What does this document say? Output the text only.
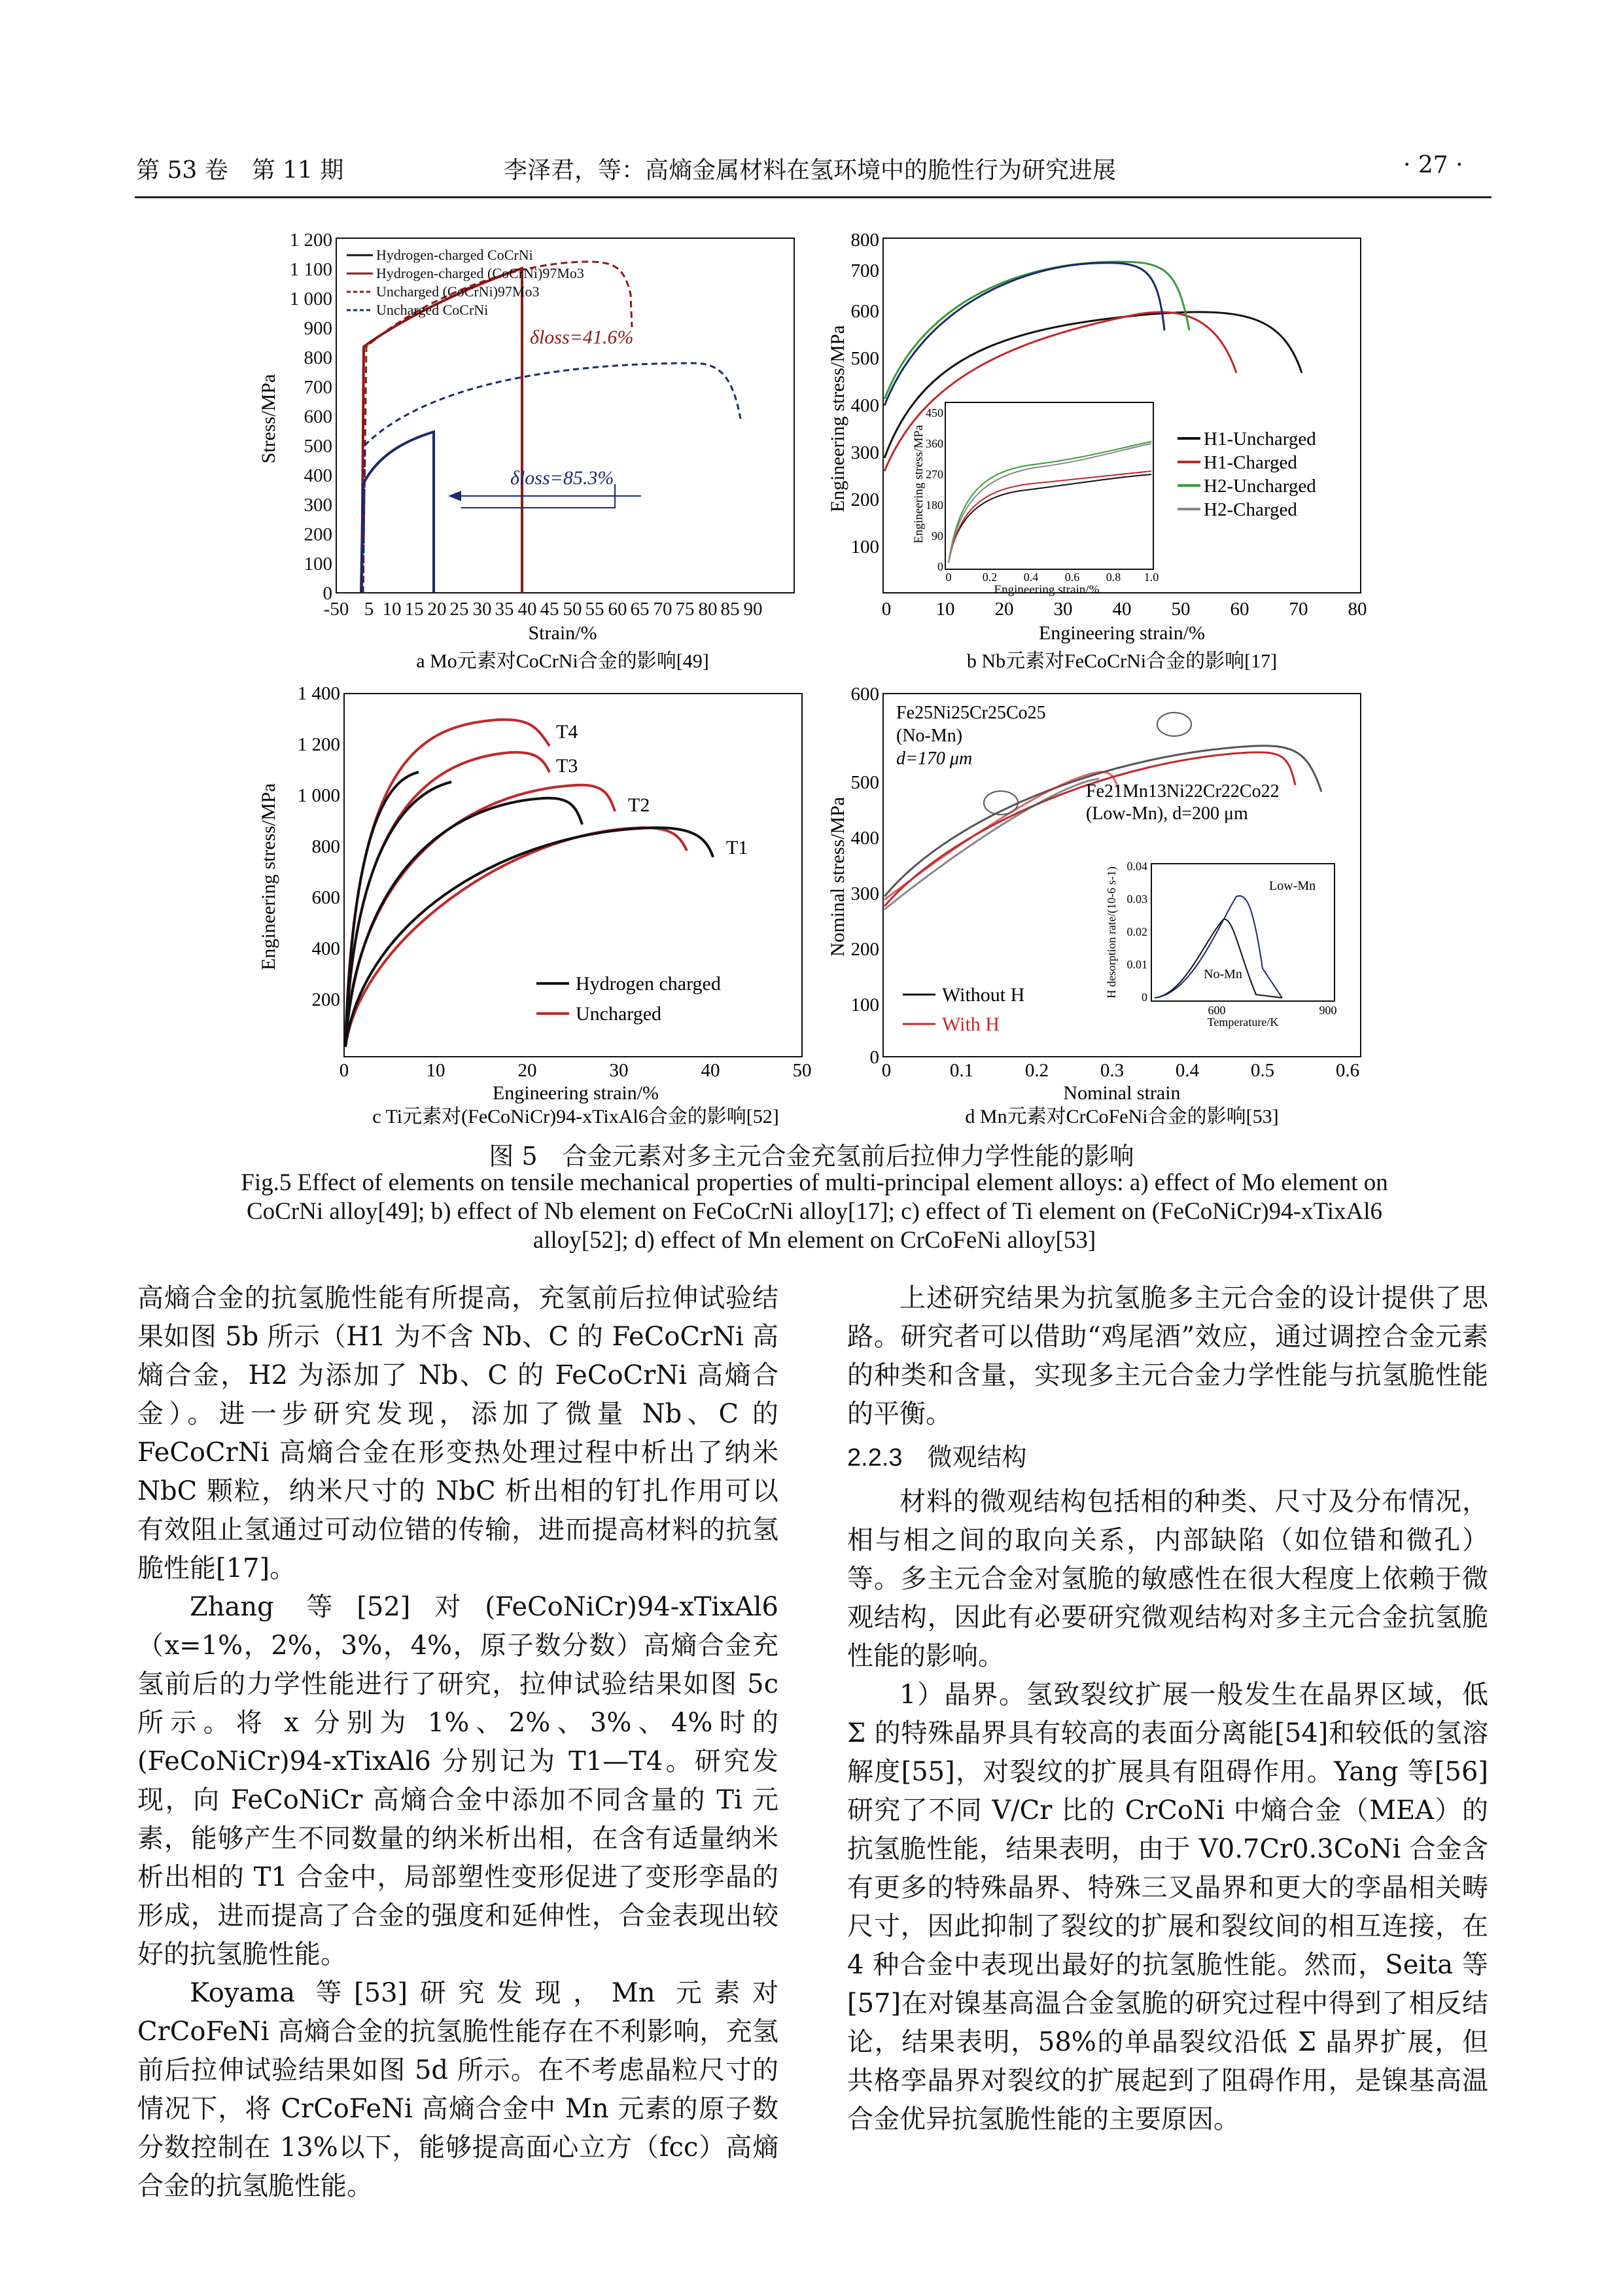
第 53 卷　第 11 期	李泽君，等：高熵金属材料在氢环境中的脆性行为研究进展	· 27 ·
0
100
200
300
400
500
600
700
800
900
1 000
1 100
1 200
-50 5 10 15 20 25 30 35 40 45 50 55 60 65 70 75 80 85 90
Strain/%
Stress/MPa
δloss=85.3%
δloss=41.6%
Hydrogen-charged CoCrNi
Hydrogen-charged (CoCrNi)97Mo3
Uncharged (CoCrNi)97Mo3
Uncharged CoCrNi
a Mo元素对CoCrNi合金的影响[49]
100
200
300
400
500
600
700
800
0 10 20 30 40 50 60 70 80
Engineering strain/%
Engineering stress/MPa
0	0.2 0.4 0.6 0.8 1.0
0
90
180
270
360
450
Engineering strain/%
Engineering stress/MPa	H1-Uncharged
H1-Charged
H2-Uncharged
H2-Charged
b Nb元素对FeCoCrNi合金的影响[17]
200
400
600
800
1 000
1 200
1 400
0	10	20	30	40	50
Engineering strain/%
Engineering stress/MPa
T4
T3
T2
T1
Hydrogen charged
Uncharged
c Ti元素对(FeCoNiCr)94-xTixAl6合金的影响[52]
0
100
200
300
400
500
600
0	0.1	0.2	0.3	0.4	0.5	0.6
Nominal strain
Nominal stress/MPa
Fe25Ni25Cr25Co25
(No-Mn)
d=170 μm
Fe21Mn13Ni22Cr22Co22
(Low-Mn), d=200 μm
0
0.01
0.02
0.03
0.04
600	900
Temperature/K
H desorption rate/(10-6 s-1)	Low-Mn
No-Mn
Without H
With H
d Mn元素对CrCoFeNi合金的影响[53]
图 5　合金元素对多主元合金充氢前后拉伸力学性能的影响
Fig.5 Effect of elements on tensile mechanical properties of multi-principal element alloys: a) effect of Mo element on CoCrNi alloy[49]; b) effect of Nb element on FeCoCrNi alloy[17]; c) effect of Ti element on (FeCoNiCr)94-xTixAl6 alloy[52]; d) effect of Mn element on CrCoFeNi alloy[53]

高熵合金的抗氢脆性能有所提高，充氢前后拉伸试验结果如图 5b 所示（H1 为不含 Nb、C 的 FeCoCrNi 高熵合金，H2 为添加了 Nb、C 的 FeCoCrNi 高熵合金）。进一步研究发现，添加了微量 Nb、C 的 FeCoCrNi 高熵合金在形变热处理过程中析出了纳米 NbC 颗粒，纳米尺寸的 NbC 析出相的钉扎作用可以有效阻止氢通过可动位错的传输，进而提高材料的抗氢脆性能[17]。

Zhang 等[52]对(FeCoNiCr)94-xTixAl6（x=1%，2%，3%，4%，原子数分数）高熵合金充氢前后的力学性能进行了研究，拉伸试验结果如图 5c 所示。将 x 分别为 1%、2%、3%、4%时的(FeCoNiCr)94-xTixAl6 分别记为 T1—T4。研究发现，向 FeCoNiCr 高熵合金中添加不同含量的 Ti 元素，能够产生不同数量的纳米析出相，在含有适量纳米析出相的 T1 合金中，局部塑性变形促进了变形孪晶的形成，进而提高了合金的强度和延伸性，合金表现出较好的抗氢脆性能。

Koyama 等[53]研究发现，Mn 元素对 CrCoFeNi 高熵合金的抗氢脆性能存在不利影响，充氢前后拉伸试验结果如图 5d 所示。在不考虑晶粒尺寸的情况下，将 CrCoFeNi 高熵合金中 Mn 元素的原子数分数控制在 13%以下，能够提高面心立方（fcc）高熵合金的抗氢脆性能。

上述研究结果为抗氢脆多主元合金的设计提供了思路。研究者可以借助“鸡尾酒”效应，通过调控合金元素的种类和含量，实现多主元合金力学性能与抗氢脆性能的平衡。

2.2.3　微观结构

材料的微观结构包括相的种类、尺寸及分布情况，相与相之间的取向关系，内部缺陷（如位错和微孔）等。多主元合金对氢脆的敏感性在很大程度上依赖于微观结构，因此有必要研究微观结构对多主元合金抗氢脆性能的影响。

1）晶界。氢致裂纹扩展一般发生在晶界区域，低 Σ 的特殊晶界具有较高的表面分离能[54]和较低的氢溶解度[55]，对裂纹的扩展具有阻碍作用。Yang 等[56]研究了不同 V/Cr 比的 CrCoNi 中熵合金（MEA）的抗氢脆性能，结果表明，由于 V0.7Cr0.3CoNi 合金含有更多的特殊晶界、特殊三叉晶界和更大的孪晶相关畴尺寸，因此抑制了裂纹的扩展和裂纹间的相互连接，在 4 种合金中表现出最好的抗氢脆性能。然而，Seita 等[57]在对镍基高温合金氢脆的研究过程中得到了相反结论，结果表明，58%的单晶裂纹沿低 Σ 晶界扩展，但共格孪晶界对裂纹的扩展起到了阻碍作用，是镍基高温合金优异抗氢脆性能的主要原因。
